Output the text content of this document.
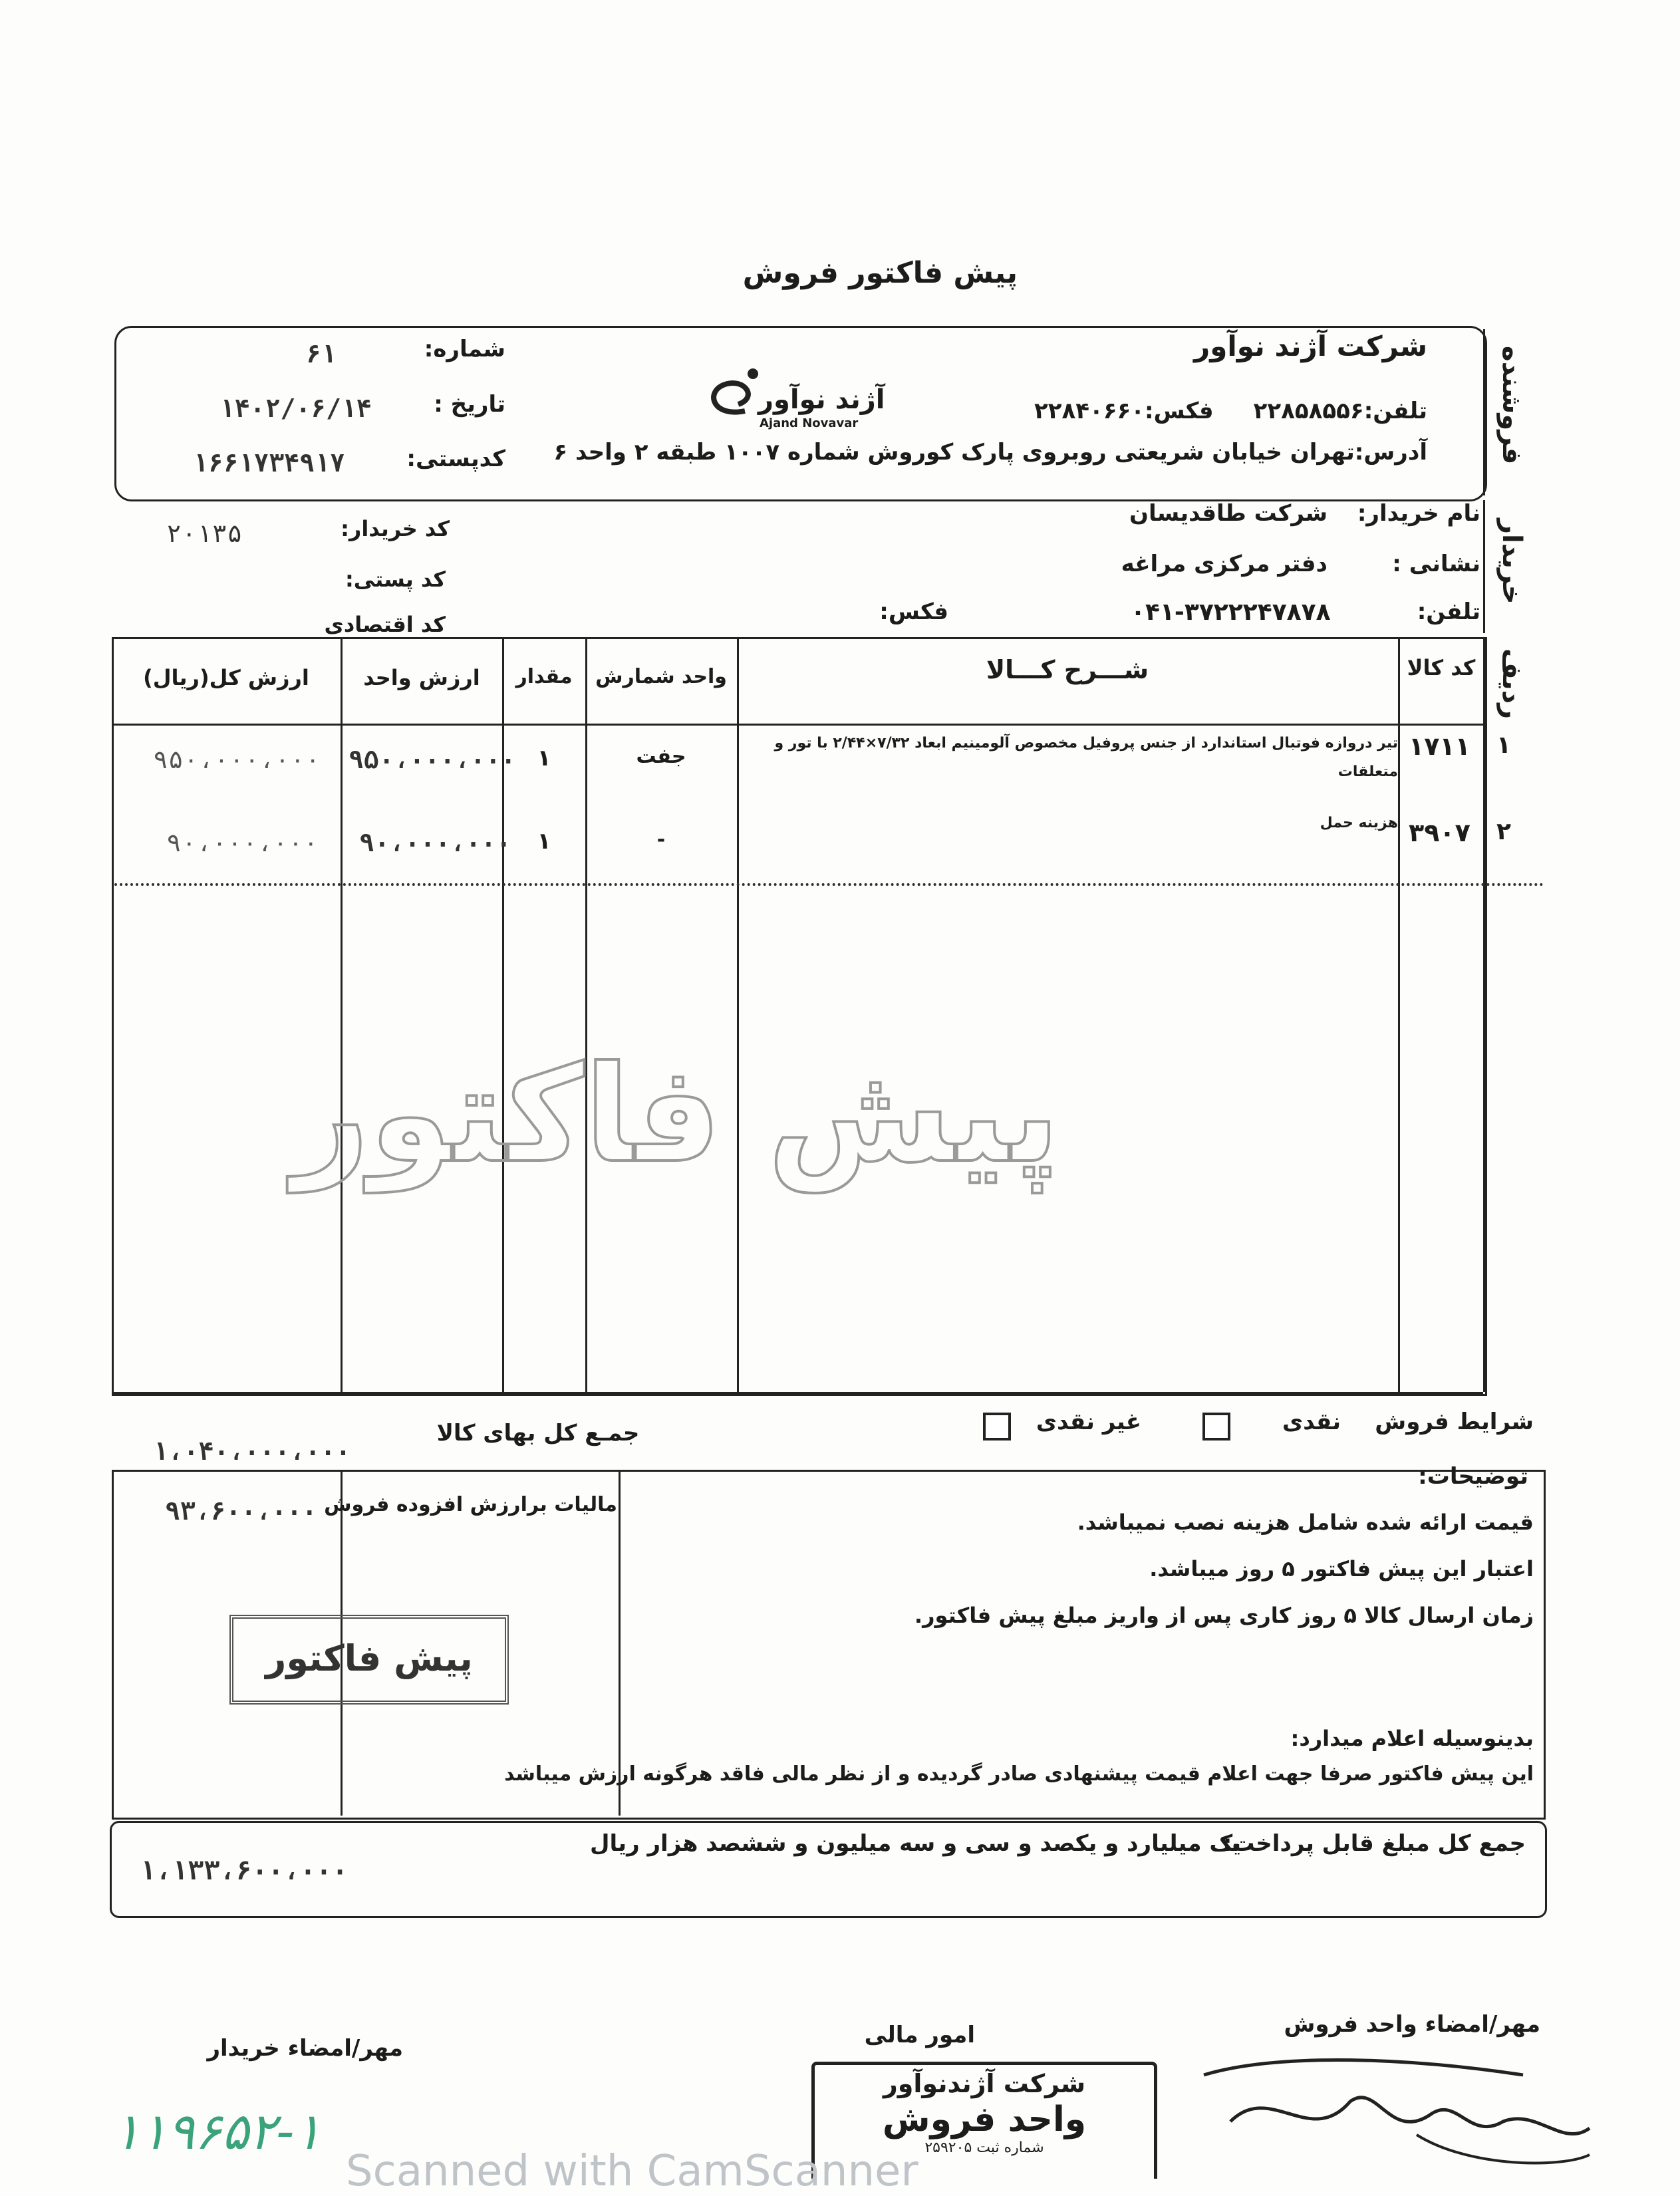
پیش فاکتور فروش
فروشنده
شرکت آژند نوآور
تلفن:۲۲۸۵۸۵۵۶فکس:۲۲۸۴۰۶۶۰
آدرس:تهران خیابان شریعتی روبروی پارک کوروش شماره ۱۰۰۷ طبقه ۲ واحد ۶
آژند نوآور
Ajand Novavar
شماره:
۶۱
تاریخ :
۱۴۰۲/۰۶/۱۴
کدپستی:
۱۶۶۱۷۳۴۹۱۷
خریدار
نام خریدار:
شرکت طاقدیسان
نشانی :
دفتر مرکزی مراغه
تلفن:
۰۴۱-۳۷۲۲۲۴۷۸۷۸
فکس:
کد خریدار:
۲۰۱۳۵
کد پستی:
کد اقتصادی
ردیف
کد کالا
شـــرح کـــالا
واحد شمارش
مقدار
ارزش واحد
ارزش کل(ریال)
۱
۱۷۱۱
تیر دروازه فوتبال استاندارد از جنس پروفیل مخصوص آلومینیم ابعاد ۷/۳۲×۲/۴۴ با تور و
متعلقات
جفت
۱
۹۵۰،۰۰۰،۰۰۰
۹۵۰،۰۰۰،۰۰۰
۲
۳۹۰۷
هزینه حمل
-
۱
۹۰،۰۰۰،۰۰۰
۹۰،۰۰۰،۰۰۰
پیش فاکتور
شرایط فروش
نقدی
غیر نقدی
جمـع کل بهای کالا
۱،۰۴۰،۰۰۰،۰۰۰
مالیات برارزش افزوده فروش
۹۳،۶۰۰،۰۰۰
توضیحات:
قیمت ارائه شده شامل هزینه نصب نمیباشد.
اعتبار این پیش فاکتور ۵ روز میباشد.
زمان ارسال کالا ۵ روز کاری پس از واریز مبلغ پیش فاکتور.
بدینوسیله اعلام میدارد:
این پیش فاکتور صرفا جهت اعلام قیمت پیشنهادی صادر گردیده و از نظر مالی فاقد هرگونه ارزش میباشد
پیش فاکتور
جمع کل مبلغ قابل پرداخت:
یک میلیارد و یکصد و سی و سه میلیون و ششصد هزار ریال
۱،۱۳۳،۶۰۰،۰۰۰
مهر/امضاء واحد فروش
امور مالی
مهر/امضاء خریدار
شرکت آژندنوآور
واحد فروش
شماره ثبت ۲۵۹۲۰۵
۱۱۹۶۵۲-۱
Scanned with CamScanner
